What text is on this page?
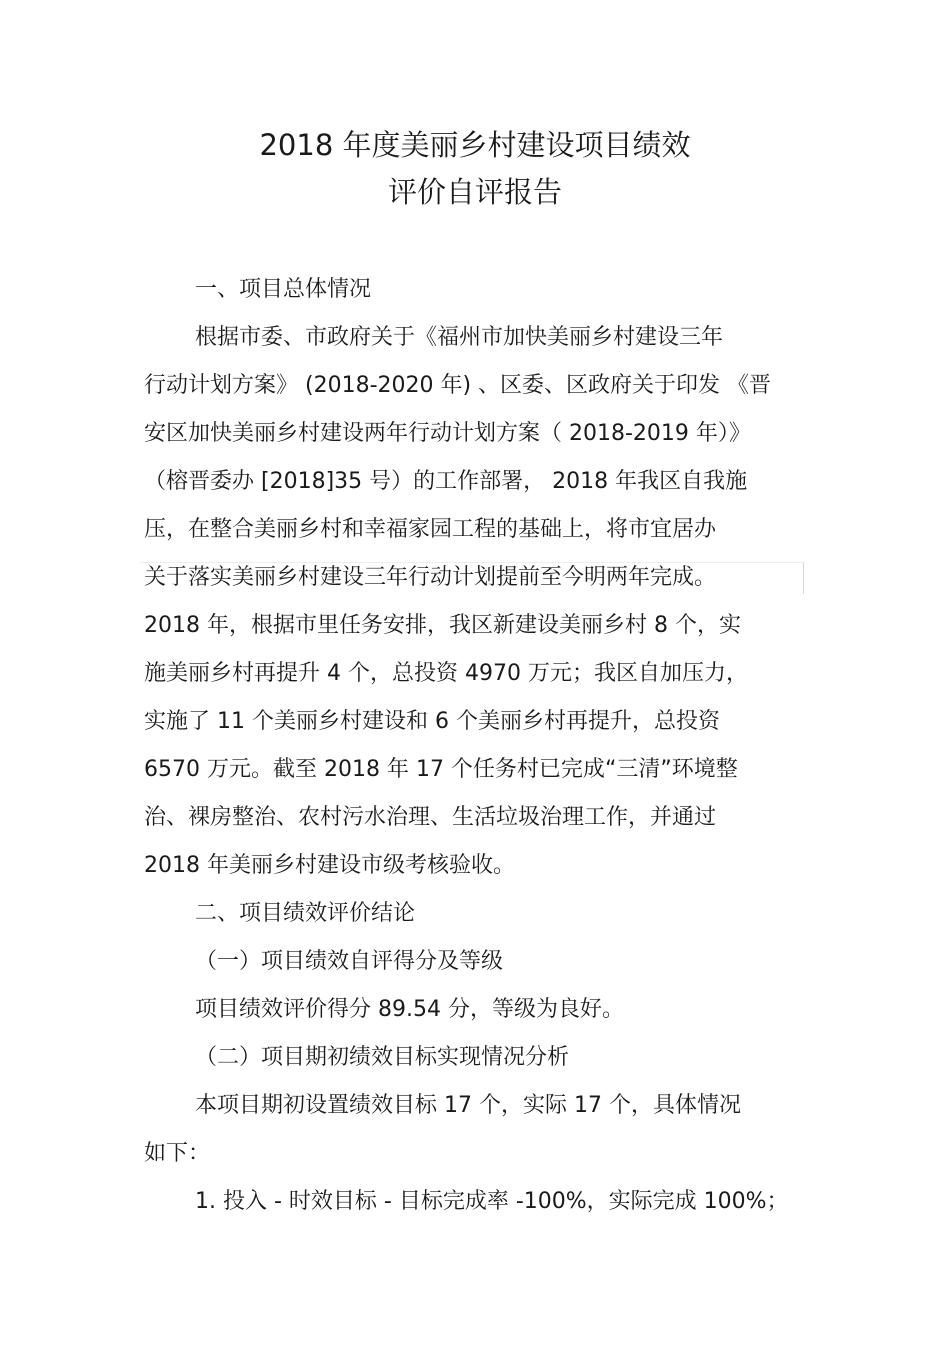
2018 年度美丽乡村建设项目绩效
评价自评报告
一、项目总体情况
根据市委、市政府关于《福州市加快美丽乡村建设三年
行动计划方案》 (2018-2020 年) 、区委、区政府关于印发 《晋
安区加快美丽乡村建设两年行动计划方案（ 2018-2019 年）》
（榕晋委办 [2018]35 号）的工作部署， 2018 年我区自我施
压，在整合美丽乡村和幸福家园工程的基础上，将市宜居办
关于落实美丽乡村建设三年行动计划提前至今明两年完成。
2018 年，根据市里任务安排，我区新建设美丽乡村 8 个，实
施美丽乡村再提升 4 个，总投资 4970 万元；我区自加压力，
实施了 11 个美丽乡村建设和 6 个美丽乡村再提升，总投资
6570 万元。截至 2018 年 17 个任务村已完成“三清”环境整
治、裸房整治、农村污水治理、生活垃圾治理工作，并通过
2018 年美丽乡村建设市级考核验收。
二、项目绩效评价结论
（一）项目绩效自评得分及等级
项目绩效评价得分 89.54 分，等级为良好。
（二）项目期初绩效目标实现情况分析
本项目期初设置绩效目标 17 个，实际 17 个，具体情况
如下：
1. 投入 - 时效目标 - 目标完成率 -100%，实际完成 100%；
